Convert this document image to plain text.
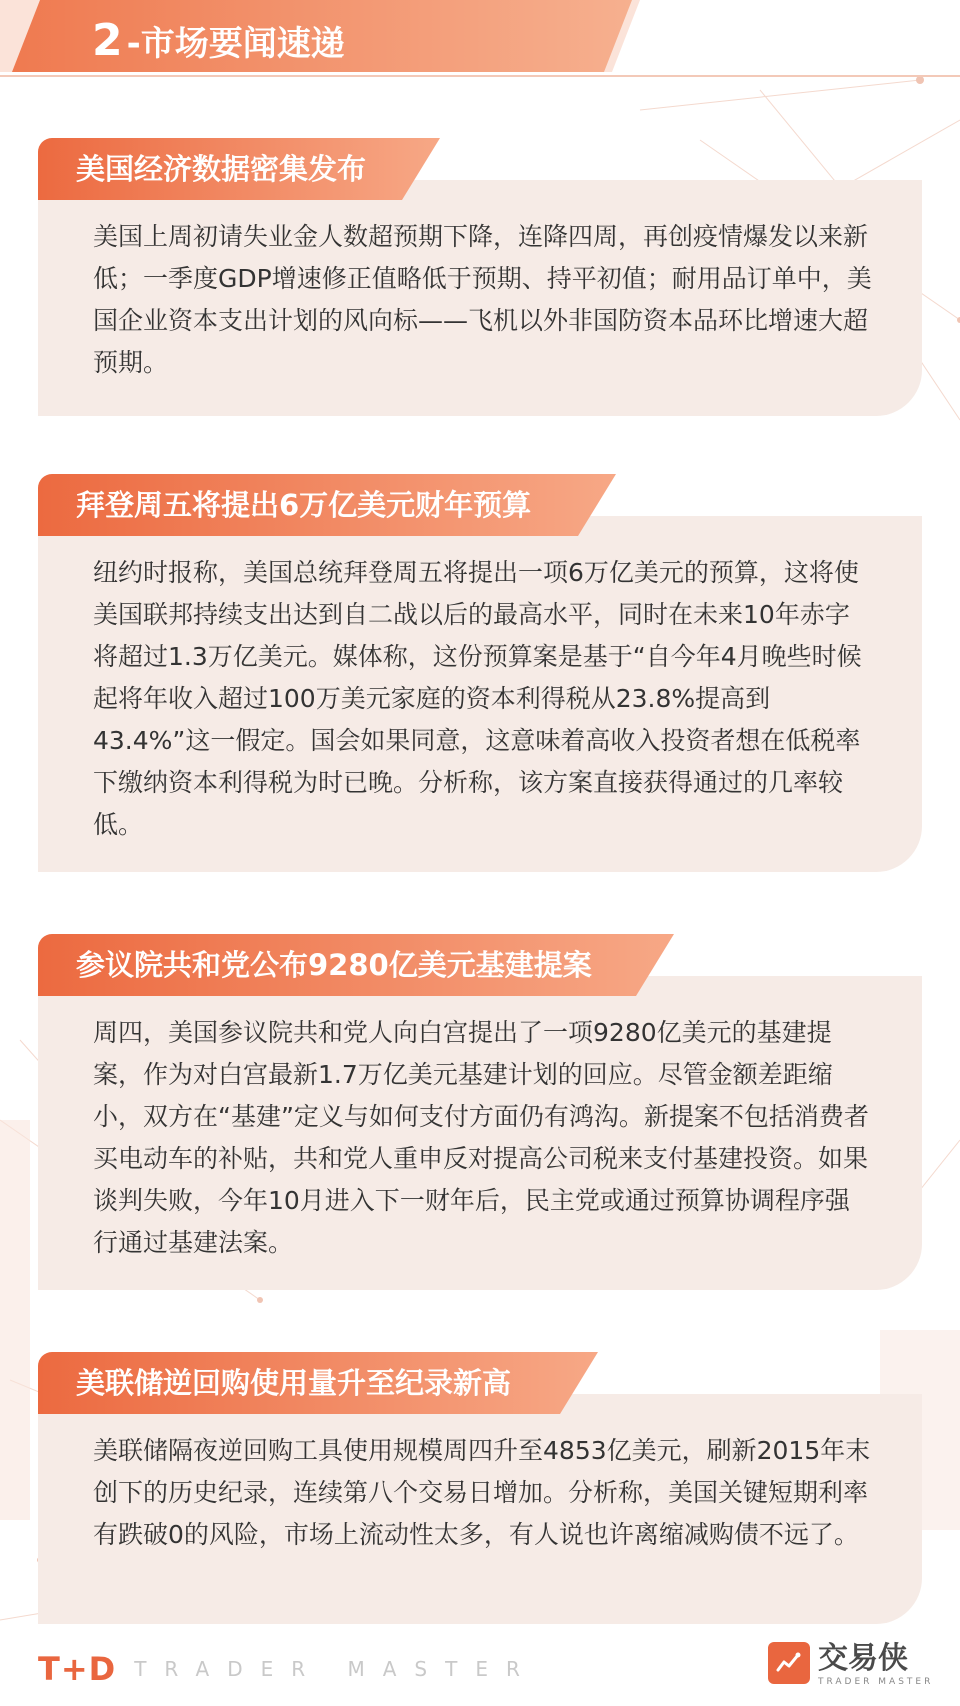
2 -市场要闻速递
美国经济数据密集发布

美国上周初请失业金人数超预期下降，连降四周，再创疫情爆发以来新低；一季度GDP增速修正值略低于预期、持平初值；耐用品订单中，美国企业资本支出计划的风向标——飞机以外非国防资本品环比增速大超预期。

拜登周五将提出6万亿美元财年预算

纽约时报称，美国总统拜登周五将提出一项6万亿美元的预算，这将使美国联邦持续支出达到自二战以后的最高水平，同时在未来10年赤字将超过1.3万亿美元。媒体称，这份预算案是基于“自今年4月晚些时候起将年收入超过100万美元家庭的资本利得税从23.8%提高到43.4%”这一假定。国会如果同意，这意味着高收入投资者想在低税率下缴纳资本利得税为时已晚。分析称，该方案直接获得通过的几率较低。

参议院共和党公布9280亿美元基建提案

周四，美国参议院共和党人向白宫提出了一项9280亿美元的基建提案，作为对白宫最新1.7万亿美元基建计划的回应。尽管金额差距缩小，双方在“基建”定义与如何支付方面仍有鸿沟。新提案不包括消费者买电动车的补贴，共和党人重申反对提高公司税来支付基建投资。如果谈判失败，今年10月进入下一财年后，民主党或通过预算协调程序强行通过基建法案。

美联储逆回购使用量升至纪录新高

美联储隔夜逆回购工具使用规模周四升至4853亿美元，刷新2015年末创下的历史纪录，连续第八个交易日增加。分析称，美国关键短期利率有跌破0的风险，市场上流动性太多，有人说也许离缩减购债不远了。

T+D TRADER MASTER	交易侠
TRADER MASTER
